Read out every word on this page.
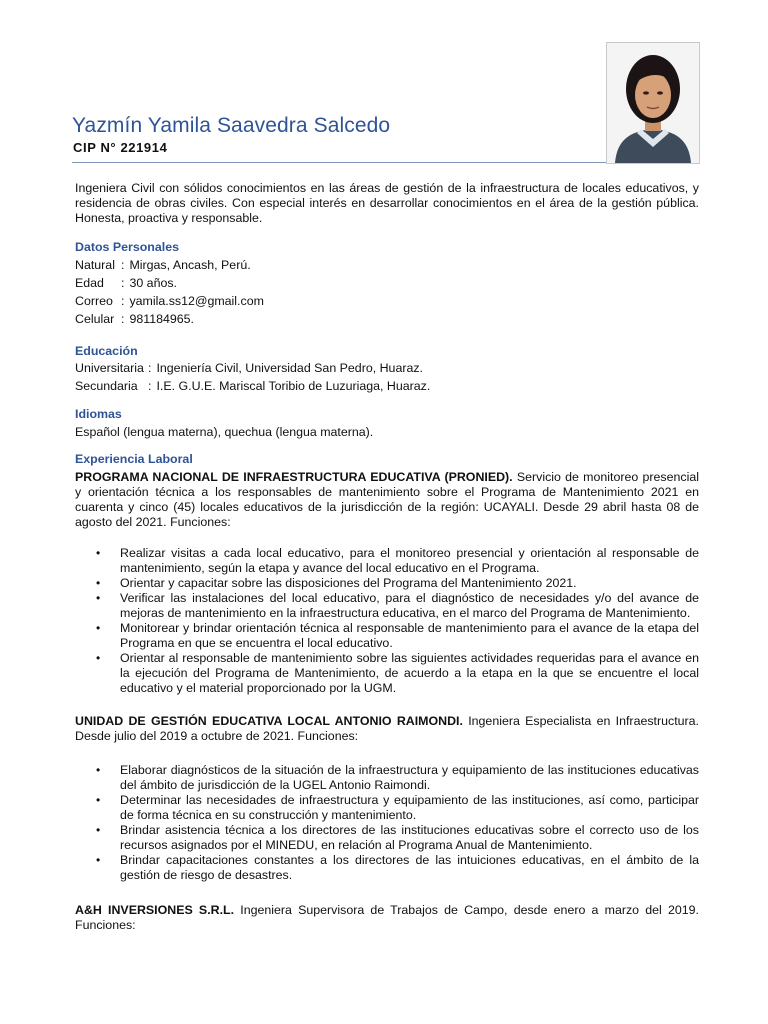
Yazmín Yamila Saavedra Salcedo
CIP N° 221914
Ingeniera Civil con sólidos conocimientos en las áreas de gestión de la infraestructura de locales educativos, y residencia de obras civiles. Con especial interés en desarrollar conocimientos en el área de la gestión pública. Honesta, proactiva y responsable.
Datos Personales
Natural : Mirgas, Ancash, Perú.
Edad	: 30 años.
Correo : yamila.ss12@gmail.com
Celular : 981184965.
Educación
Universitaria : Ingeniería Civil, Universidad San Pedro, Huaraz.
Secundaria : I.E. G.U.E. Mariscal Toribio de Luzuriaga, Huaraz.
Idiomas
Español (lengua materna), quechua (lengua materna).
Experiencia Laboral
PROGRAMA NACIONAL DE INFRAESTRUCTURA EDUCATIVA (PRONIED). Servicio de monitoreo presencial y orientación técnica a los responsables de mantenimiento sobre el Programa de Mantenimiento 2021 en cuarenta y cinco (45) locales educativos de la jurisdicción de la región: UCAYALI. Desde 29 abril hasta 08 de agosto del 2021. Funciones:
• Realizar visitas a cada local educativo, para el monitoreo presencial y orientación al responsable de mantenimiento, según la etapa y avance del local educativo en el Programa.
• Orientar y capacitar sobre las disposiciones del Programa del Mantenimiento 2021.
• Verificar las instalaciones del local educativo, para el diagnóstico de necesidades y/o del avance de mejoras de mantenimiento en la infraestructura educativa, en el marco del Programa de Mantenimiento.
• Monitorear y brindar orientación técnica al responsable de mantenimiento para el avance de la etapa del Programa en que se encuentra el local educativo.
• Orientar al responsable de mantenimiento sobre las siguientes actividades requeridas para el avance en la ejecución del Programa de Mantenimiento, de acuerdo a la etapa en la que se encuentre el local educativo y el material proporcionado por la UGM.
UNIDAD DE GESTIÓN EDUCATIVA LOCAL ANTONIO RAIMONDI. Ingeniera Especialista en Infraestructura. Desde julio del 2019 a octubre de 2021. Funciones:
• Elaborar diagnósticos de la situación de la infraestructura y equipamiento de las instituciones educativas del ámbito de jurisdicción de la UGEL Antonio Raimondi.
• Determinar las necesidades de infraestructura y equipamiento de las instituciones, así como, participar de forma técnica en su construcción y mantenimiento.
• Brindar asistencia técnica a los directores de las instituciones educativas sobre el correcto uso de los recursos asignados por el MINEDU, en relación al Programa Anual de Mantenimiento.
• Brindar capacitaciones constantes a los directores de las intuiciones educativas, en el ámbito de la gestión de riesgo de desastres.
A&H INVERSIONES S.R.L. Ingeniera Supervisora de Trabajos de Campo, desde enero a marzo del 2019. Funciones:
